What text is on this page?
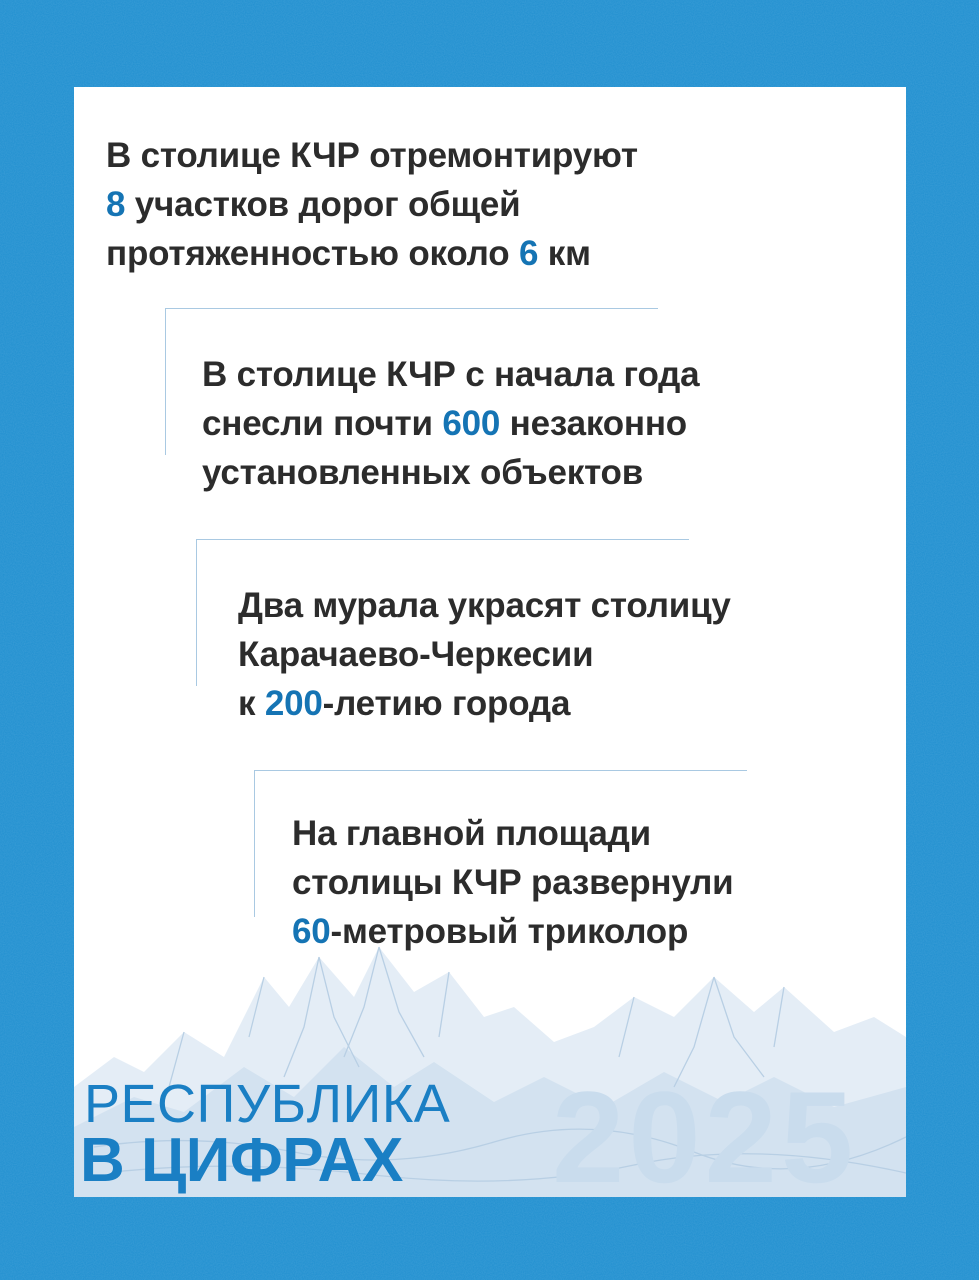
В столице КЧР отремонтируют
8 участков дорог общей
протяженностью около 6 км
В столице КЧР с начала года
снесли почти 600 незаконно
установленных объектов
Два мурала украсят столицу
Карачаево-Черкесии
к 200-летию города
На главной площади
столицы КЧР развернули
60-метровый триколор
2025
РЕСПУБЛИКА
В ЦИФРАХ
